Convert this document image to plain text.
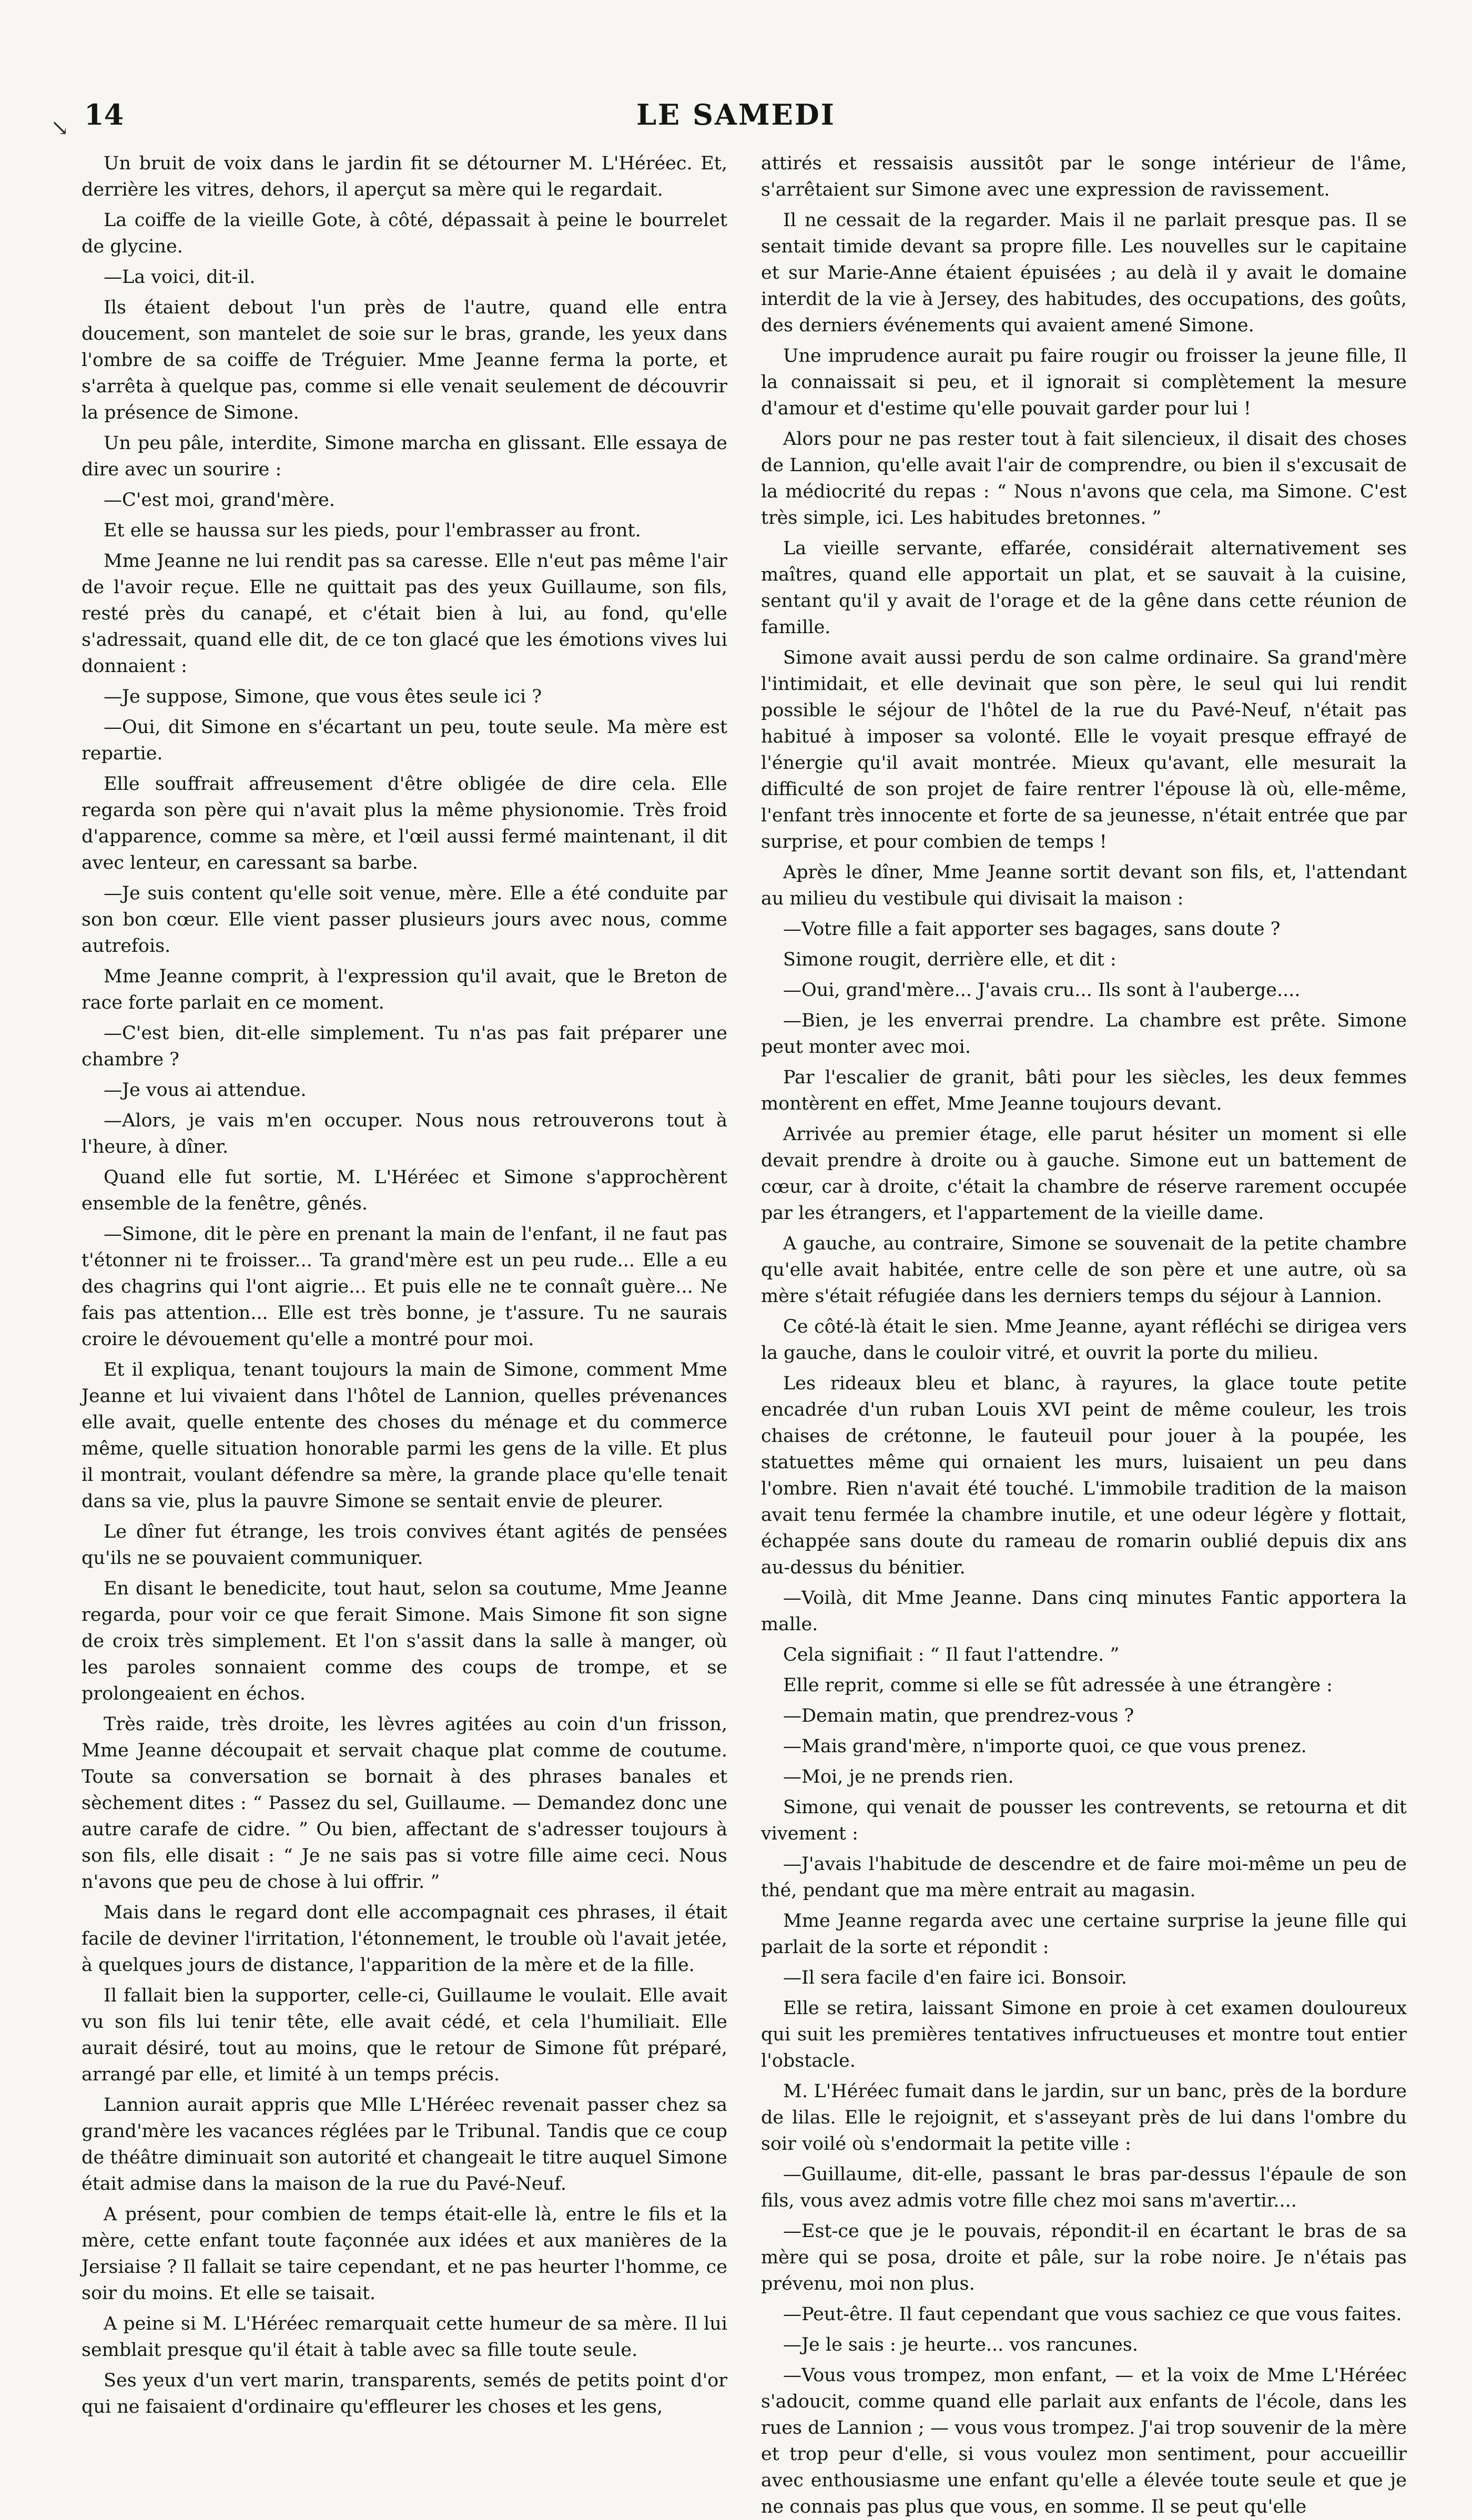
↘ 14	LE SAMEDI

Un bruit de voix dans le jardin fit se détourner M. L'Héréec. Et, derrière les vitres, dehors, il aperçut sa mère qui le regardait.

La coiffe de la vieille Gote, à côté, dépassait à peine le bourrelet de glycine.

—La voici, dit-il.

Ils étaient debout l'un près de l'autre, quand elle entra doucement, son mantelet de soie sur le bras, grande, les yeux dans l'ombre de sa coiffe de Tréguier. Mme Jeanne ferma la porte, et s'arrêta à quelque pas, comme si elle venait seulement de découvrir la présence de Simone.

Un peu pâle, interdite, Simone marcha en glissant. Elle essaya de dire avec un sourire :

—C'est moi, grand'mère.

Et elle se haussa sur les pieds, pour l'embrasser au front.

Mme Jeanne ne lui rendit pas sa caresse. Elle n'eut pas même l'air de l'avoir reçue. Elle ne quittait pas des yeux Guillaume, son fils, resté près du canapé, et c'était bien à lui, au fond, qu'elle s'adressait, quand elle dit, de ce ton glacé que les émotions vives lui donnaient :

—Je suppose, Simone, que vous êtes seule ici ?

—Oui, dit Simone en s'écartant un peu, toute seule. Ma mère est repartie.

Elle souffrait affreusement d'être obligée de dire cela. Elle regarda son père qui n'avait plus la même physionomie. Très froid d'apparence, comme sa mère, et l'œil aussi fermé maintenant, il dit avec lenteur, en caressant sa barbe.

—Je suis content qu'elle soit venue, mère. Elle a été conduite par son bon cœur. Elle vient passer plusieurs jours avec nous, comme autrefois.

Mme Jeanne comprit, à l'expression qu'il avait, que le Breton de race forte parlait en ce moment.

—C'est bien, dit-elle simplement. Tu n'as pas fait préparer une chambre ?

—Je vous ai attendue.

—Alors, je vais m'en occuper. Nous nous retrouverons tout à l'heure, à dîner.

Quand elle fut sortie, M. L'Héréec et Simone s'approchèrent ensemble de la fenêtre, gênés.

—Simone, dit le père en prenant la main de l'enfant, il ne faut pas t'étonner ni te froisser... Ta grand'mère est un peu rude... Elle a eu des chagrins qui l'ont aigrie... Et puis elle ne te connaît guère... Ne fais pas attention... Elle est très bonne, je t'assure. Tu ne saurais croire le dévouement qu'elle a montré pour moi.

Et il expliqua, tenant toujours la main de Simone, comment Mme Jeanne et lui vivaient dans l'hôtel de Lannion, quelles prévenances elle avait, quelle entente des choses du ménage et du commerce même, quelle situation honorable parmi les gens de la ville. Et plus il montrait, voulant défendre sa mère, la grande place qu'elle tenait dans sa vie, plus la pauvre Simone se sentait envie de pleurer.

Le dîner fut étrange, les trois convives étant agités de pensées qu'ils ne se pouvaient communiquer.

En disant le benedicite, tout haut, selon sa coutume, Mme Jeanne regarda, pour voir ce que ferait Simone. Mais Simone fit son signe de croix très simplement. Et l'on s'assit dans la salle à manger, où les paroles sonnaient comme des coups de trompe, et se prolongeaient en échos.

Très raide, très droite, les lèvres agitées au coin d'un frisson, Mme Jeanne découpait et servait chaque plat comme de coutume. Toute sa conversation se bornait à des phrases banales et sèchement dites : “ Passez du sel, Guillaume. — Demandez donc une autre carafe de cidre. ” Ou bien, affectant de s'adresser toujours à son fils, elle disait : “ Je ne sais pas si votre fille aime ceci. Nous n'avons que peu de chose à lui offrir. ”

Mais dans le regard dont elle accompagnait ces phrases, il était facile de deviner l'irritation, l'étonnement, le trouble où l'avait jetée, à quelques jours de distance, l'apparition de la mère et de la fille.

Il fallait bien la supporter, celle-ci, Guillaume le voulait. Elle avait vu son fils lui tenir tête, elle avait cédé, et cela l'humiliait. Elle aurait désiré, tout au moins, que le retour de Simone fût préparé, arrangé par elle, et limité à un temps précis.

Lannion aurait appris que Mlle L'Héréec revenait passer chez sa grand'mère les vacances réglées par le Tribunal. Tandis que ce coup de théâtre diminuait son autorité et changeait le titre auquel Simone était admise dans la maison de la rue du Pavé-Neuf.

A présent, pour combien de temps était-elle là, entre le fils et la mère, cette enfant toute façonnée aux idées et aux manières de la Jersiaise ? Il fallait se taire cependant, et ne pas heurter l'homme, ce soir du moins. Et elle se taisait.

A peine si M. L'Héréec remarquait cette humeur de sa mère. Il lui semblait presque qu'il était à table avec sa fille toute seule.

Ses yeux d'un vert marin, transparents, semés de petits point d'or qui ne faisaient d'ordinaire qu'effleurer les choses et les gens,

attirés et ressaisis aussitôt par le songe intérieur de l'âme, s'arrêtaient sur Simone avec une expression de ravissement.

Il ne cessait de la regarder. Mais il ne parlait presque pas. Il se sentait timide devant sa propre fille. Les nouvelles sur le capitaine et sur Marie-Anne étaient épuisées ; au delà il y avait le domaine interdit de la vie à Jersey, des habitudes, des occupations, des goûts, des derniers événements qui avaient amené Simone.

Une imprudence aurait pu faire rougir ou froisser la jeune fille, Il la connaissait si peu, et il ignorait si complètement la mesure d'amour et d'estime qu'elle pouvait garder pour lui !

Alors pour ne pas rester tout à fait silencieux, il disait des choses de Lannion, qu'elle avait l'air de comprendre, ou bien il s'excusait de la médiocrité du repas : “ Nous n'avons que cela, ma Simone. C'est très simple, ici. Les habitudes bretonnes. ”

La vieille servante, effarée, considérait alternativement ses maîtres, quand elle apportait un plat, et se sauvait à la cuisine, sentant qu'il y avait de l'orage et de la gêne dans cette réunion de famille.

Simone avait aussi perdu de son calme ordinaire. Sa grand'mère l'intimidait, et elle devinait que son père, le seul qui lui rendit possible le séjour de l'hôtel de la rue du Pavé-Neuf, n'était pas habitué à imposer sa volonté. Elle le voyait presque effrayé de l'énergie qu'il avait montrée. Mieux qu'avant, elle mesurait la difficulté de son projet de faire rentrer l'épouse là où, elle-même, l'enfant très innocente et forte de sa jeunesse, n'était entrée que par surprise, et pour combien de temps !

Après le dîner, Mme Jeanne sortit devant son fils, et, l'attendant au milieu du vestibule qui divisait la maison :

—Votre fille a fait apporter ses bagages, sans doute ?

Simone rougit, derrière elle, et dit :

—Oui, grand'mère... J'avais cru... Ils sont à l'auberge....

—Bien, je les enverrai prendre. La chambre est prête. Simone peut monter avec moi.

Par l'escalier de granit, bâti pour les siècles, les deux femmes montèrent en effet, Mme Jeanne toujours devant.

Arrivée au premier étage, elle parut hésiter un moment si elle devait prendre à droite ou à gauche. Simone eut un battement de cœur, car à droite, c'était la chambre de réserve rarement occupée par les étrangers, et l'appartement de la vieille dame.

A gauche, au contraire, Simone se souvenait de la petite chambre qu'elle avait habitée, entre celle de son père et une autre, où sa mère s'était réfugiée dans les derniers temps du séjour à Lannion.

Ce côté-là était le sien. Mme Jeanne, ayant réfléchi se dirigea vers la gauche, dans le couloir vitré, et ouvrit la porte du milieu.

Les rideaux bleu et blanc, à rayures, la glace toute petite encadrée d'un ruban Louis XVI peint de même couleur, les trois chaises de crétonne, le fauteuil pour jouer à la poupée, les statuettes même qui ornaient les murs, luisaient un peu dans l'ombre. Rien n'avait été touché. L'immobile tradition de la maison avait tenu fermée la chambre inutile, et une odeur légère y flottait, échappée sans doute du rameau de romarin oublié depuis dix ans au-dessus du bénitier.

—Voilà, dit Mme Jeanne. Dans cinq minutes Fantic apportera la malle.

Cela signifiait : “ Il faut l'attendre. ”

Elle reprit, comme si elle se fût adressée à une étrangère :

—Demain matin, que prendrez-vous ?

—Mais grand'mère, n'importe quoi, ce que vous prenez.

—Moi, je ne prends rien.

Simone, qui venait de pousser les contrevents, se retourna et dit vivement :

—J'avais l'habitude de descendre et de faire moi-même un peu de thé, pendant que ma mère entrait au magasin.

Mme Jeanne regarda avec une certaine surprise la jeune fille qui parlait de la sorte et répondit :

—Il sera facile d'en faire ici. Bonsoir.

Elle se retira, laissant Simone en proie à cet examen douloureux qui suit les premières tentatives infructueuses et montre tout entier l'obstacle.

M. L'Héréec fumait dans le jardin, sur un banc, près de la bordure de lilas. Elle le rejoignit, et s'asseyant près de lui dans l'ombre du soir voilé où s'endormait la petite ville :

—Guillaume, dit-elle, passant le bras par-dessus l'épaule de son fils, vous avez admis votre fille chez moi sans m'avertir....

—Est-ce que je le pouvais, répondit-il en écartant le bras de sa mère qui se posa, droite et pâle, sur la robe noire. Je n'étais pas prévenu, moi non plus.

—Peut-être. Il faut cependant que vous sachiez ce que vous faites.

—Je le sais : je heurte... vos rancunes.

—Vous vous trompez, mon enfant, — et la voix de Mme L'Héréec s'adoucit, comme quand elle parlait aux enfants de l'école, dans les rues de Lannion ; — vous vous trompez. J'ai trop souvenir de la mère et trop peur d'elle, si vous voulez mon sentiment, pour accueillir avec enthousiasme une enfant qu'elle a élevée toute seule et que je ne connais pas plus que vous, en somme. Il se peut qu'elle
